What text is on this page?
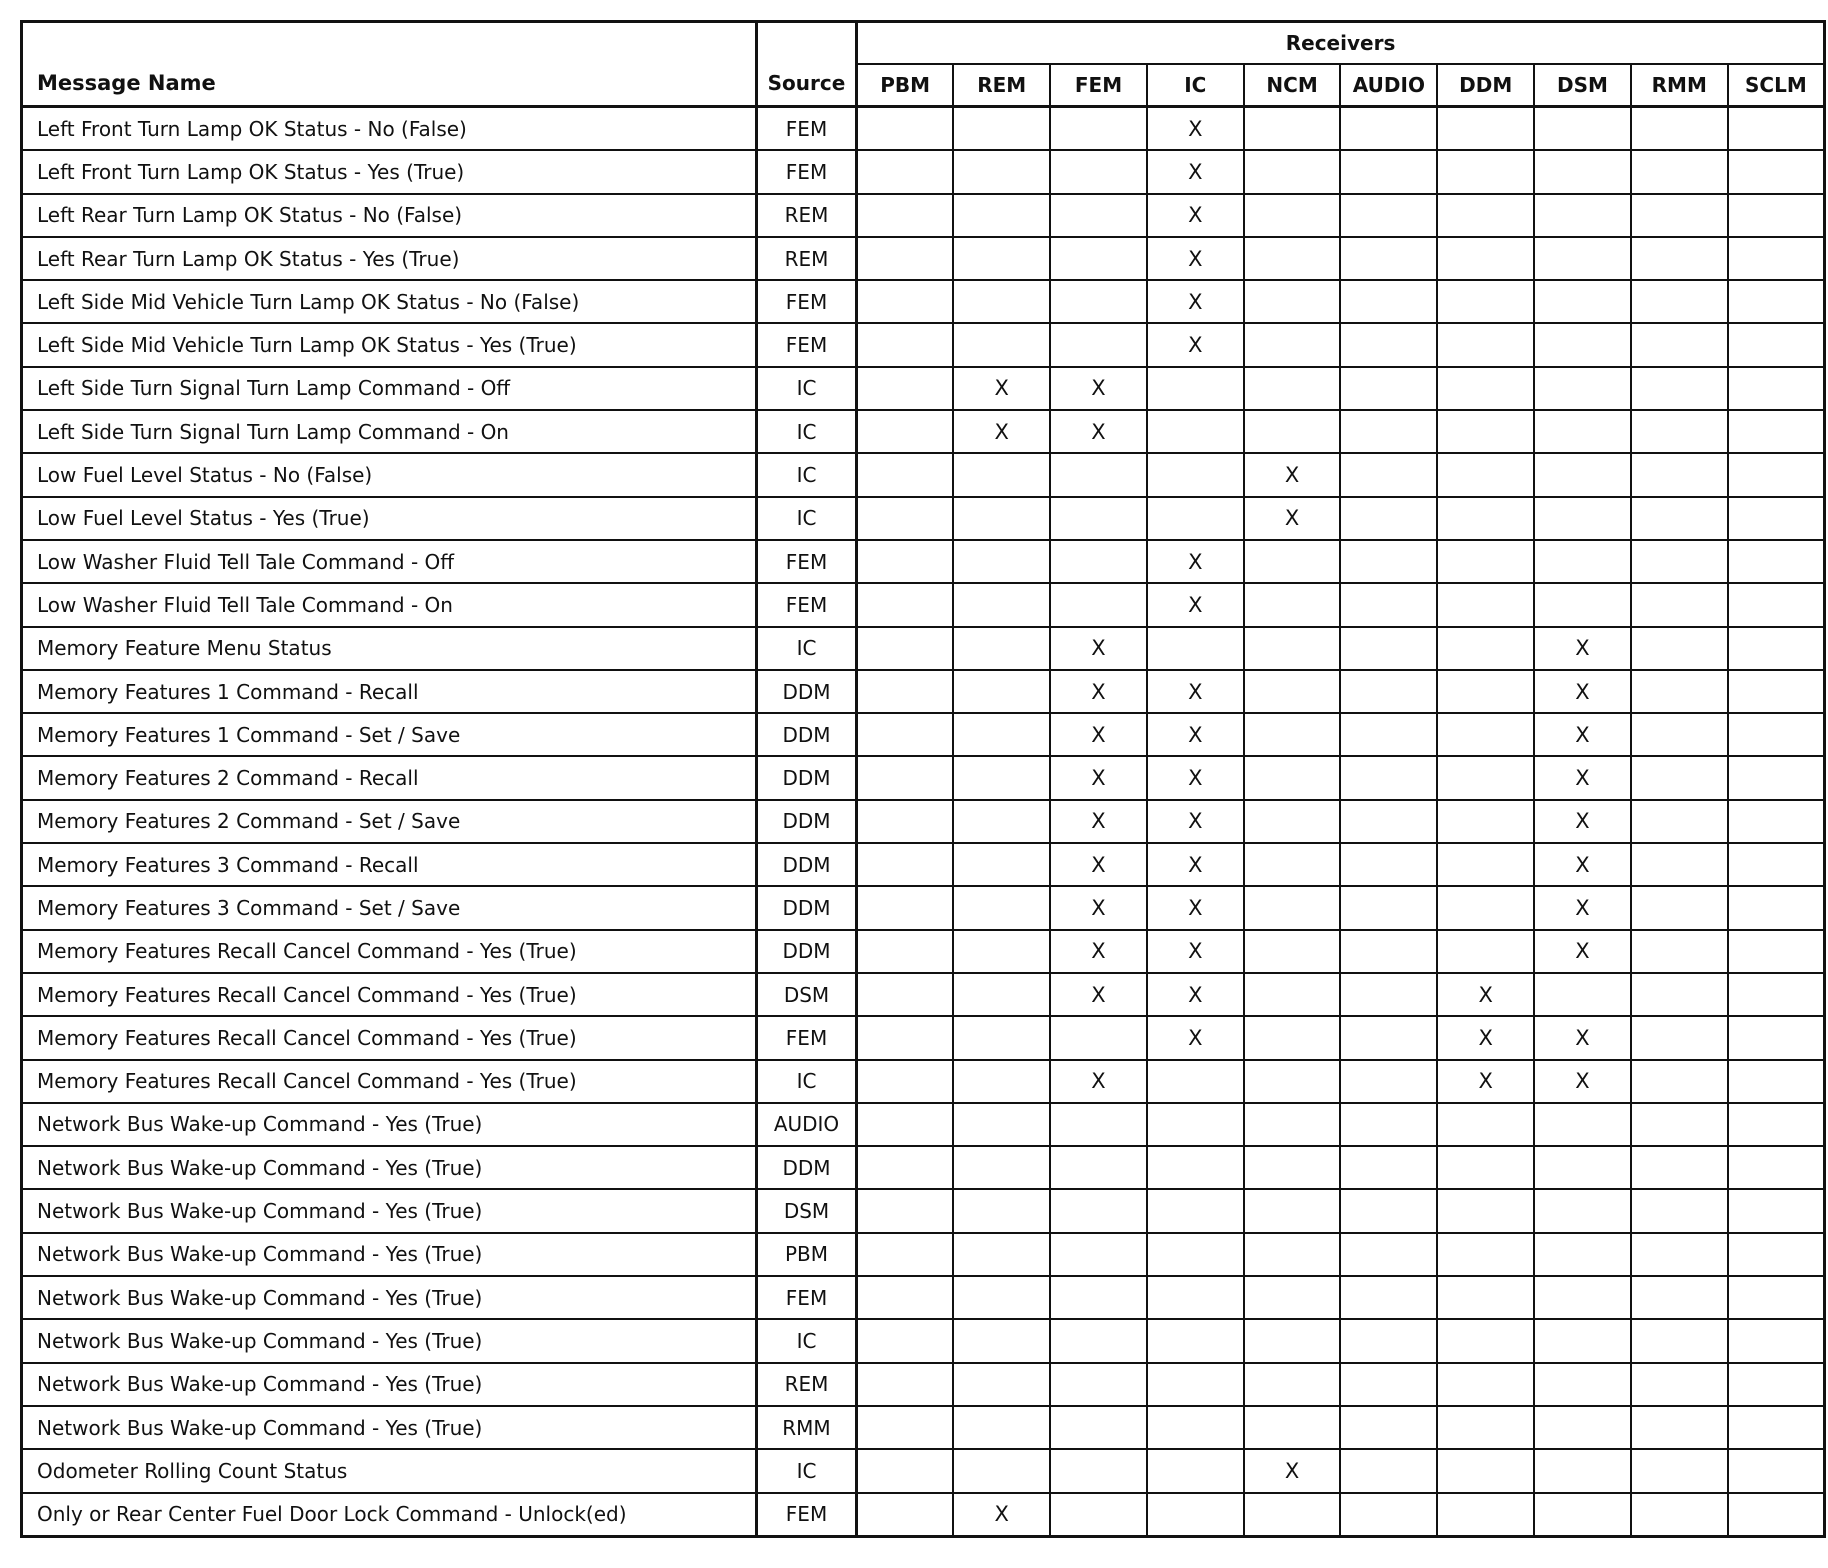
Message Name	Source	Receivers									
		PBM	REM	FEM	IC	NCM	AUDIO	DDM	DSM	RMM	SCLM
Left Front Turn Lamp OK Status - No (False)	FEM				X						
Left Front Turn Lamp OK Status - Yes (True)	FEM				X						
Left Rear Turn Lamp OK Status - No (False)	REM				X						
Left Rear Turn Lamp OK Status - Yes (True)	REM				X						
Left Side Mid Vehicle Turn Lamp OK Status - No (False)	FEM				X						
Left Side Mid Vehicle Turn Lamp OK Status - Yes (True)	FEM				X						
Left Side Turn Signal Turn Lamp Command - Off	IC		X	X							
Left Side Turn Signal Turn Lamp Command - On	IC		X	X							
Low Fuel Level Status - No (False)	IC					X					
Low Fuel Level Status - Yes (True)	IC					X					
Low Washer Fluid Tell Tale Command - Off	FEM				X						
Low Washer Fluid Tell Tale Command - On	FEM				X						
Memory Feature Menu Status	IC			X					X		
Memory Features 1 Command - Recall	DDM			X	X				X		
Memory Features 1 Command - Set / Save	DDM			X	X				X		
Memory Features 2 Command - Recall	DDM			X	X				X		
Memory Features 2 Command - Set / Save	DDM			X	X				X		
Memory Features 3 Command - Recall	DDM			X	X				X		
Memory Features 3 Command - Set / Save	DDM			X	X				X		
Memory Features Recall Cancel Command - Yes (True)	DDM			X	X				X		
Memory Features Recall Cancel Command - Yes (True)	DSM			X	X			X			
Memory Features Recall Cancel Command - Yes (True)	FEM				X			X	X		
Memory Features Recall Cancel Command - Yes (True)	IC			X				X	X		
Network Bus Wake-up Command - Yes (True)	AUDIO										
Network Bus Wake-up Command - Yes (True)	DDM										
Network Bus Wake-up Command - Yes (True)	DSM										
Network Bus Wake-up Command - Yes (True)	PBM										
Network Bus Wake-up Command - Yes (True)	FEM										
Network Bus Wake-up Command - Yes (True)	IC										
Network Bus Wake-up Command - Yes (True)	REM										
Network Bus Wake-up Command - Yes (True)	RMM										
Odometer Rolling Count Status	IC					X					
Only or Rear Center Fuel Door Lock Command - Unlock(ed)	FEM		X								
